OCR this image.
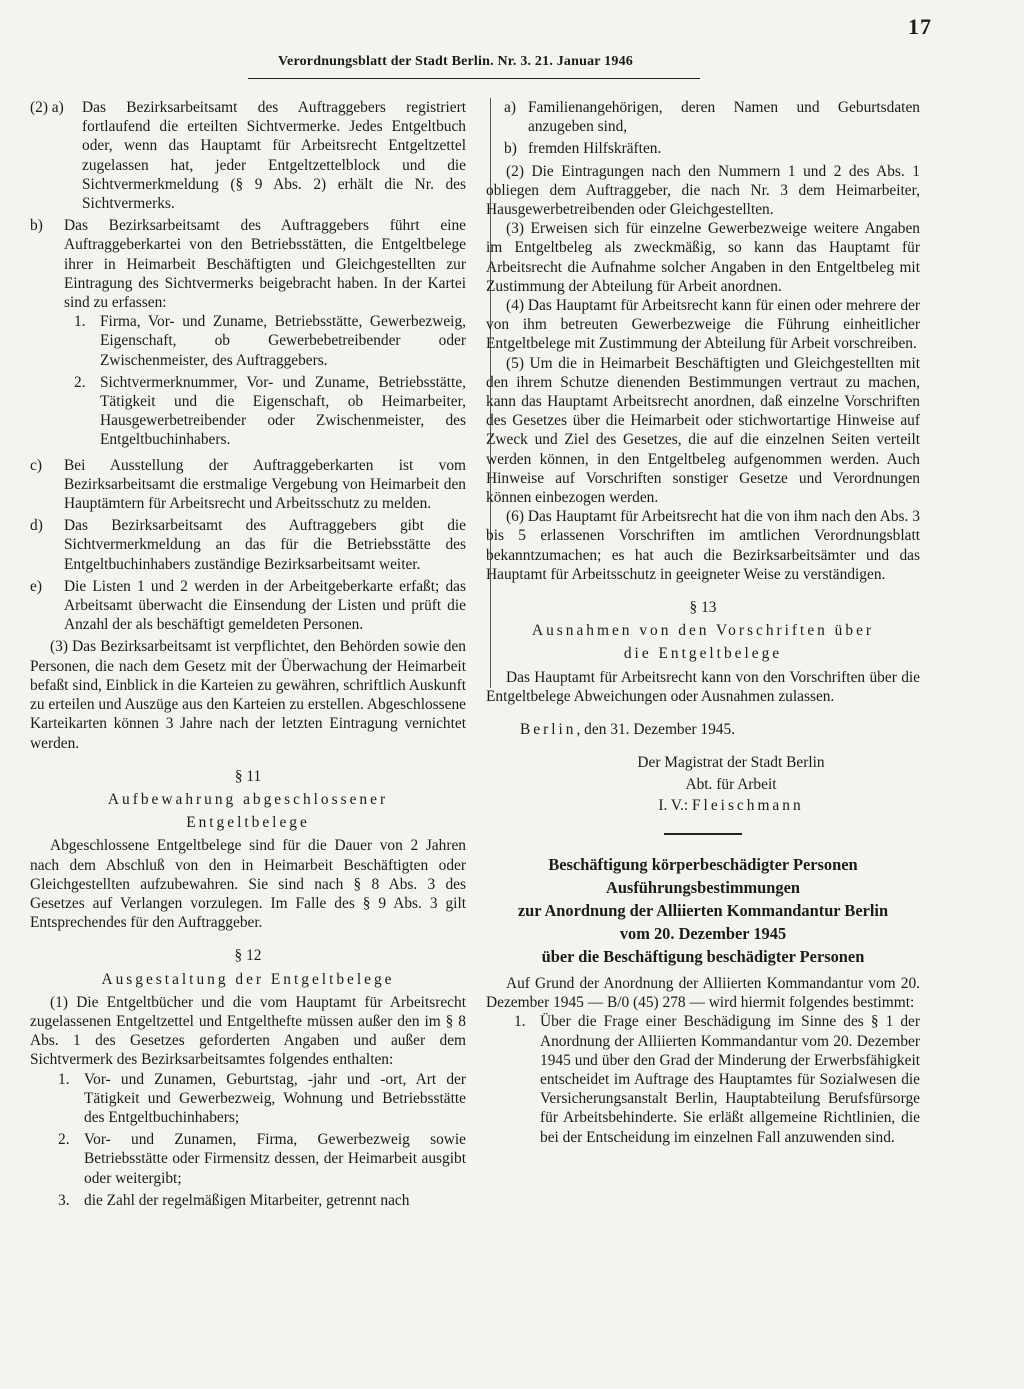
17
Verordnungsblatt der Stadt Berlin. Nr. 3. 21. Januar 1946
(2) a)	Das Bezirksarbeitsamt des Auftraggebers registriert fortlaufend die erteilten Sichtvermerke. Jedes Entgeltbuch oder, wenn das Hauptamt für Arbeitsrecht Entgeltzettel zugelassen hat, jeder Entgeltzettelblock und die Sichtvermerkmeldung (§ 9 Abs. 2) erhält die Nr. des Sichtvermerks.

b)	Das Bezirksarbeitsamt des Auftraggebers führt eine Auftraggeberkartei von den Betriebsstätten, die Entgeltbelege ihrer in Heimarbeit Beschäftigten und Gleichgestellten zur Eintragung des Sichtvermerks beigebracht haben. In der Kartei sind zu erfassen:

1. Firma, Vor- und Zuname, Betriebsstätte, Gewerbezweig, Eigenschaft, ob Gewerbebetreibender oder Zwischenmeister, des Auftraggebers.

2. Sichtvermerknummer, Vor- und Zuname, Betriebsstätte, Tätigkeit und die Eigenschaft, ob Heimarbeiter, Hausgewerbetreibender oder Zwischenmeister, des Entgeltbuchinhabers.

c)	Bei Ausstellung der Auftraggeberkarten ist vom Bezirksarbeitsamt die erstmalige Vergebung von Heimarbeit den Hauptämtern für Arbeitsrecht und Arbeitsschutz zu melden.

d)	Das Bezirksarbeitsamt des Auftraggebers gibt die Sichtvermerkmeldung an das für die Betriebsstätte des Entgeltbuchinhabers zuständige Bezirksarbeitsamt weiter.

e)	Die Listen 1 und 2 werden in der Arbeitgeberkarte erfaßt; das Arbeitsamt überwacht die Einsendung der Listen und prüft die Anzahl der als beschäftigt gemeldeten Personen.

(3) Das Bezirksarbeitsamt ist verpflichtet, den Behörden sowie den Personen, die nach dem Gesetz mit der Überwachung der Heimarbeit befaßt sind, Einblick in die Karteien zu gewähren, schriftlich Auskunft zu erteilen und Auszüge aus den Karteien zu erstellen. Abgeschlossene Karteikarten können 3 Jahre nach der letzten Eintragung vernichtet werden.

§ 11
Aufbewahrung abgeschlossener
Entgeltbelege

Abgeschlossene Entgeltbelege sind für die Dauer von 2 Jahren nach dem Abschluß von den in Heimarbeit Beschäftigten oder Gleichgestellten aufzubewahren. Sie sind nach § 8 Abs. 3 des Gesetzes auf Verlangen vorzulegen. Im Falle des § 9 Abs. 3 gilt Entsprechendes für den Auftraggeber.

§ 12
Ausgestaltung der Entgeltbelege

(1) Die Entgeltbücher und die vom Hauptamt für Arbeitsrecht zugelassenen Entgeltzettel und Entgelthefte müssen außer den im § 8 Abs. 1 des Gesetzes geforderten Angaben und außer dem Sichtvermerk des Bezirksarbeitsamtes folgendes enthalten:

1. Vor- und Zunamen, Geburtstag, -jahr und -ort, Art der Tätigkeit und Gewerbezweig, Wohnung und Betriebsstätte des Entgeltbuchinhabers;

2. Vor- und Zunamen, Firma, Gewerbezweig sowie Betriebsstätte oder Firmensitz dessen, der Heimarbeit ausgibt oder weitergibt;

3. die Zahl der regelmäßigen Mitarbeiter, getrennt nach

a) Familienangehörigen, deren Namen und Geburtsdaten anzugeben sind,

b) fremden Hilfskräften.

(2) Die Eintragungen nach den Nummern 1 und 2 des Abs. 1 obliegen dem Auftraggeber, die nach Nr. 3 dem Heimarbeiter, Hausgewerbetreibenden oder Gleichgestellten.

(3) Erweisen sich für einzelne Gewerbezweige weitere Angaben im Entgeltbeleg als zweckmäßig, so kann das Hauptamt für Arbeitsrecht die Aufnahme solcher Angaben in den Entgeltbeleg mit Zustimmung der Abteilung für Arbeit anordnen.

(4) Das Hauptamt für Arbeitsrecht kann für einen oder mehrere der von ihm betreuten Gewerbezweige die Führung einheitlicher Entgeltbelege mit Zustimmung der Abteilung für Arbeit vorschreiben.

(5) Um die in Heimarbeit Beschäftigten und Gleichgestellten mit den ihrem Schutze dienenden Bestimmungen vertraut zu machen, kann das Hauptamt Arbeitsrecht anordnen, daß einzelne Vorschriften des Gesetzes über die Heimarbeit oder stichwortartige Hinweise auf Zweck und Ziel des Gesetzes, die auf die einzelnen Seiten verteilt werden können, in den Entgeltbeleg aufgenommen werden. Auch Hinweise auf Vorschriften sonstiger Gesetze und Verordnungen können einbezogen werden.

(6) Das Hauptamt für Arbeitsrecht hat die von ihm nach den Abs. 3 bis 5 erlassenen Vorschriften im amtlichen Verordnungsblatt bekanntzumachen; es hat auch die Bezirksarbeitsämter und das Hauptamt für Arbeitsschutz in geeigneter Weise zu verständigen.

§ 13
Ausnahmen von den Vorschriften über
die Entgeltbelege

Das Hauptamt für Arbeitsrecht kann von den Vorschriften über die Entgeltbelege Abweichungen oder Ausnahmen zulassen.

Berlin, den 31. Dezember 1945.

Der Magistrat der Stadt Berlin
Abt. für Arbeit
I. V.: Fleischmann

Beschäftigung körperbeschädigter Personen

Ausführungsbestimmungen

zur Anordnung der Alliierten Kommandantur Berlin

vom 20. Dezember 1945

über die Beschäftigung beschädigter Personen

Auf Grund der Anordnung der Alliierten Kommandantur vom 20. Dezember 1945 — B/0 (45) 278 — wird hiermit folgendes bestimmt:

1. Über die Frage einer Beschädigung im Sinne des § 1 der Anordnung der Alliierten Kommandantur vom 20. Dezember 1945 und über den Grad der Minderung der Erwerbsfähigkeit entscheidet im Auftrage des Hauptamtes für Sozialwesen die Versicherungsanstalt Berlin, Hauptabteilung Berufsfürsorge für Arbeitsbehinderte. Sie erläßt allgemeine Richtlinien, die bei der Entscheidung im einzelnen Fall anzuwenden sind.
